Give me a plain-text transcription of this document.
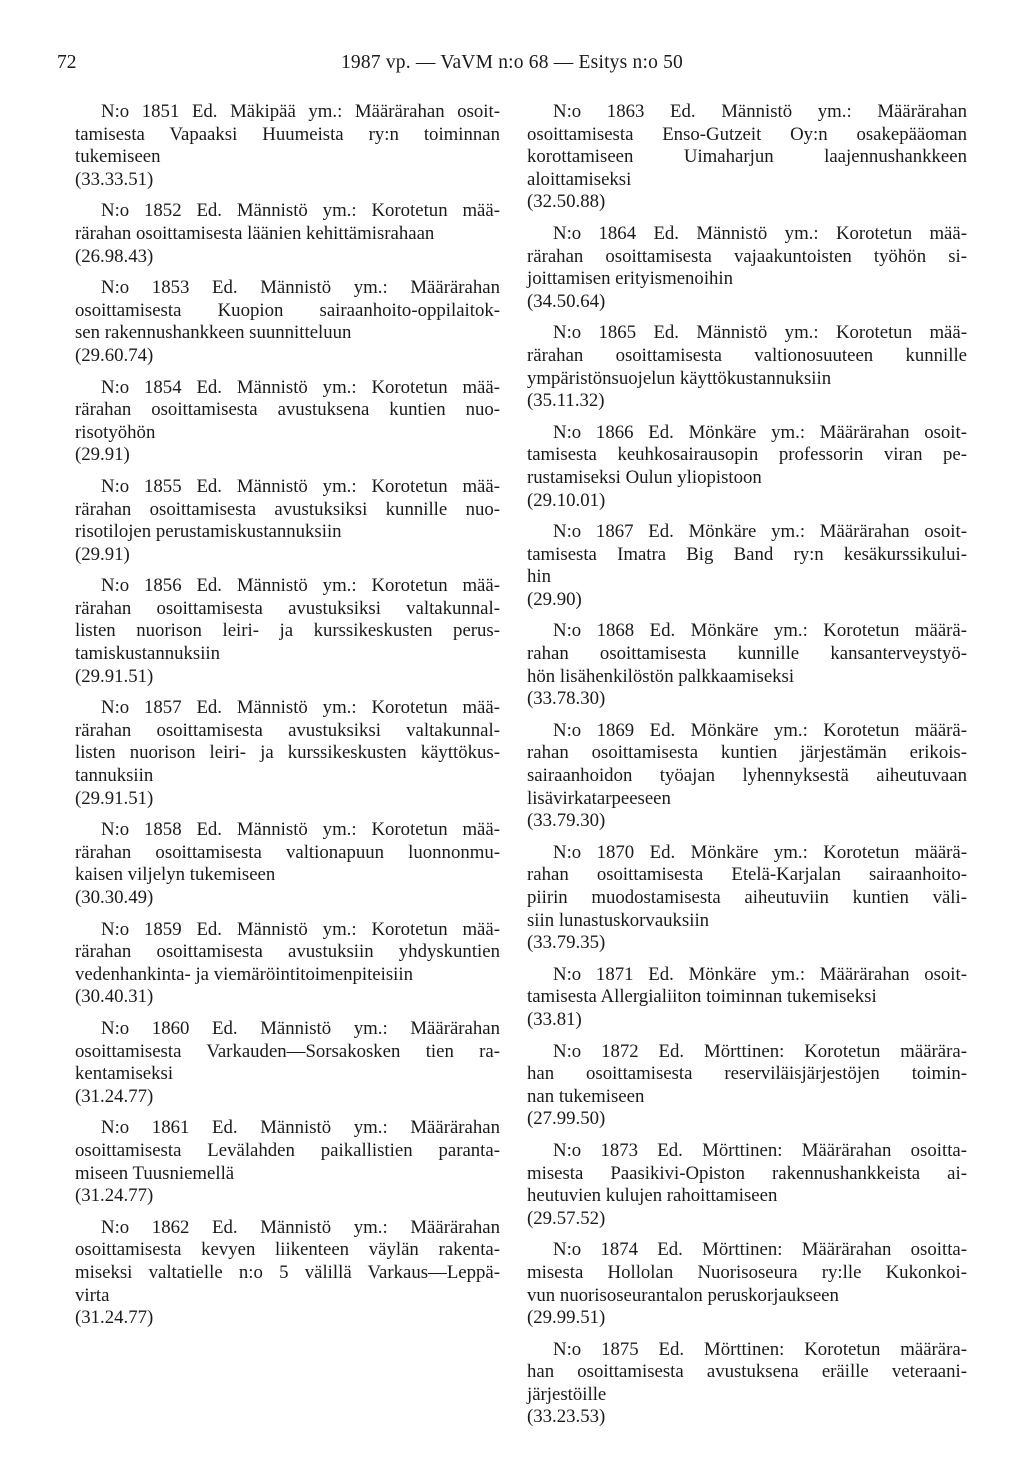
72	1987 vp. — VaVM n:o 68 — Esitys n:o 50

N:o 1851 Ed. Mäkipää ym.: Määrärahan osoit-
tamisesta Vapaaksi Huumeista ry:n toiminnan
tukemiseen

(33.33.51)

N:o 1852 Ed. Männistö ym.: Korotetun mää-
rärahan osoittamisesta läänien kehittämisrahaan

(26.98.43)

N:o 1853 Ed. Männistö ym.: Määrärahan
osoittamisesta Kuopion sairaanhoito-oppilaitok-
sen rakennushankkeen suunnitteluun

(29.60.74)

N:o 1854 Ed. Männistö ym.: Korotetun mää-
rärahan osoittamisesta avustuksena kuntien nuo-
risotyöhön

(29.91)

N:o 1855 Ed. Männistö ym.: Korotetun mää-
rärahan osoittamisesta avustuksiksi kunnille nuo-
risotilojen perustamiskustannuksiin

(29.91)

N:o 1856 Ed. Männistö ym.: Korotetun mää-
rärahan osoittamisesta avustuksiksi valtakunnal-
listen nuorison leiri- ja kurssikeskusten perus-
tamiskustannuksiin

(29.91.51)

N:o 1857 Ed. Männistö ym.: Korotetun mää-
rärahan osoittamisesta avustuksiksi valtakunnal-
listen nuorison leiri- ja kurssikeskusten käyttökus-
tannuksiin

(29.91.51)

N:o 1858 Ed. Männistö ym.: Korotetun mää-
rärahan osoittamisesta valtionapuun luonnonmu-
kaisen viljelyn tukemiseen

(30.30.49)

N:o 1859 Ed. Männistö ym.: Korotetun mää-
rärahan osoittamisesta avustuksiin yhdyskuntien
vedenhankinta- ja viemäröintitoimenpiteisiin

(30.40.31)

N:o 1860 Ed. Männistö ym.: Määrärahan
osoittamisesta Varkauden—Sorsakosken tien ra-
kentamiseksi

(31.24.77)

N:o 1861 Ed. Männistö ym.: Määrärahan
osoittamisesta Levälahden paikallistien paranta-
miseen Tuusniemellä

(31.24.77)

N:o 1862 Ed. Männistö ym.: Määrärahan
osoittamisesta kevyen liikenteen väylän rakenta-
miseksi valtatielle n:o 5 välillä Varkaus—Leppä-
virta

(31.24.77)

N:o 1863 Ed. Männistö ym.: Määrärahan
osoittamisesta Enso-Gutzeit Oy:n osakepääoman
korottamiseen Uimaharjun laajennushankkeen
aloittamiseksi

(32.50.88)

N:o 1864 Ed. Männistö ym.: Korotetun mää-
rärahan osoittamisesta vajaakuntoisten työhön si-
joittamisen erityismenoihin

(34.50.64)

N:o 1865 Ed. Männistö ym.: Korotetun mää-
rärahan osoittamisesta valtionosuuteen kunnille
ympäristönsuojelun käyttökustannuksiin

(35.11.32)

N:o 1866 Ed. Mönkäre ym.: Määrärahan osoit-
tamisesta keuhkosairausopin professorin viran pe-
rustamiseksi Oulun yliopistoon

(29.10.01)

N:o 1867 Ed. Mönkäre ym.: Määrärahan osoit-
tamisesta Imatra Big Band ry:n kesäkurssikului-
hin

(29.90)

N:o 1868 Ed. Mönkäre ym.: Korotetun määrä-
rahan osoittamisesta kunnille kansanterveystyö-
hön lisähenkilöstön palkkaamiseksi

(33.78.30)

N:o 1869 Ed. Mönkäre ym.: Korotetun määrä-
rahan osoittamisesta kuntien järjestämän erikois-
sairaanhoidon työajan lyhennyksestä aiheutuvaan
lisävirkatarpeeseen

(33.79.30)

N:o 1870 Ed. Mönkäre ym.: Korotetun määrä-
rahan osoittamisesta Etelä-Karjalan sairaanhoito-
piirin muodostamisesta aiheutuviin kuntien väli-
siin lunastuskorvauksiin

(33.79.35)

N:o 1871 Ed. Mönkäre ym.: Määrärahan osoit-
tamisesta Allergialiiton toiminnan tukemiseksi

(33.81)

N:o 1872 Ed. Mörttinen: Korotetun määrära-
han osoittamisesta reserviläisjärjestöjen toimin-
nan tukemiseen

(27.99.50)

N:o 1873 Ed. Mörttinen: Määrärahan osoitta-
misesta Paasikivi-Opiston rakennushankkeista ai-
heutuvien kulujen rahoittamiseen

(29.57.52)

N:o 1874 Ed. Mörttinen: Määrärahan osoitta-
misesta Hollolan Nuorisoseura ry:lle Kukonkoi-
vun nuorisoseurantalon peruskorjaukseen

(29.99.51)

N:o 1875 Ed. Mörttinen: Korotetun määrära-
han osoittamisesta avustuksena eräille veteraani-
järjestöille

(33.23.53)
